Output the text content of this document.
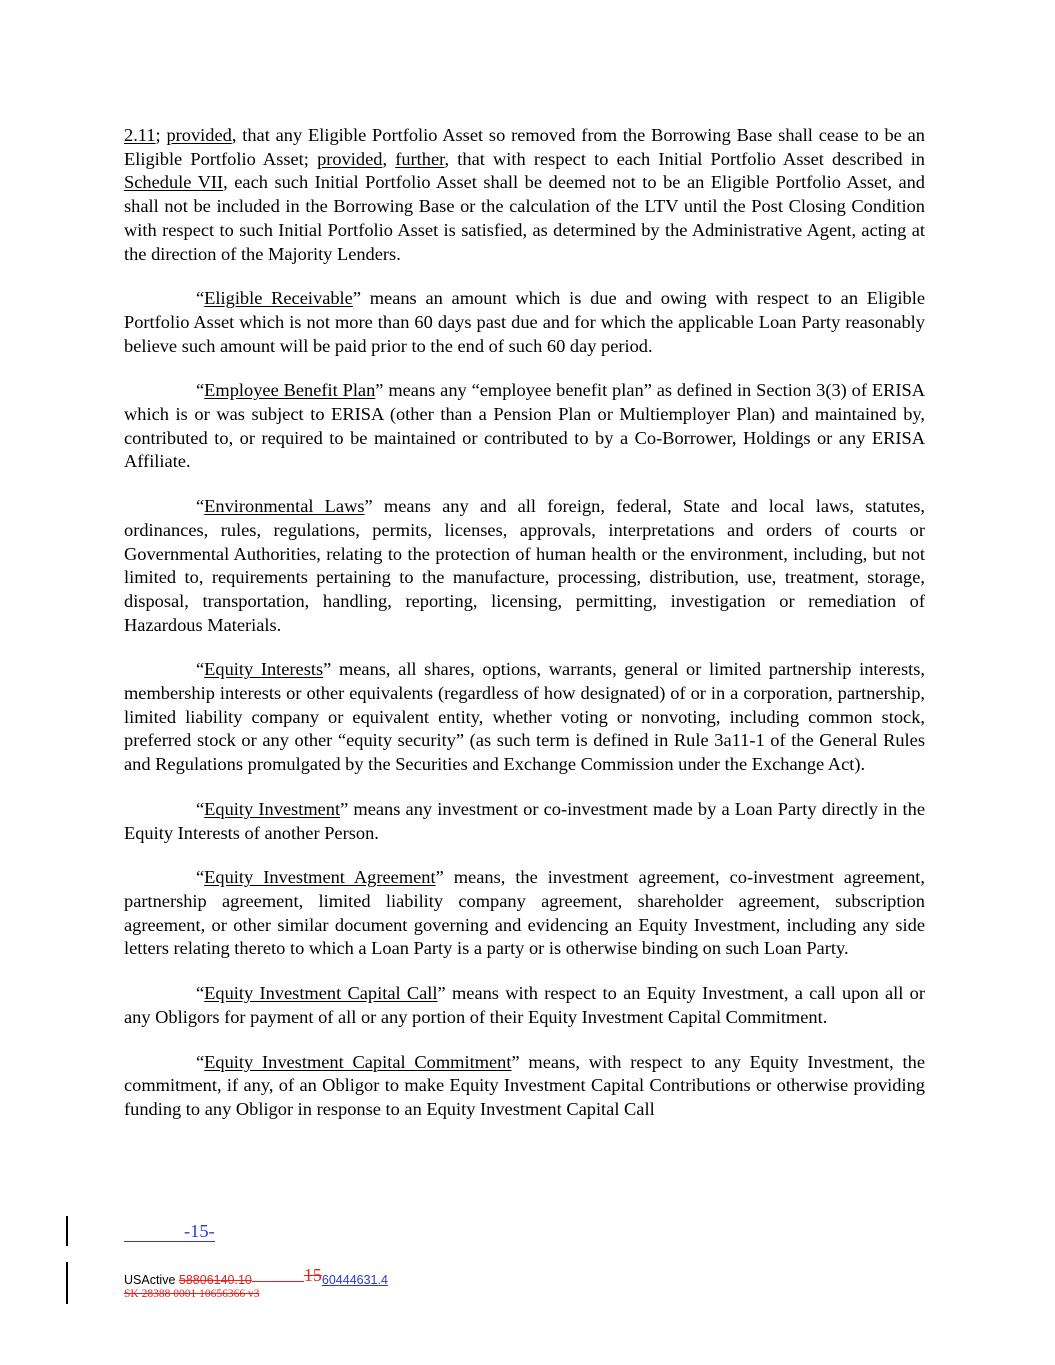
2.11; provided, that any Eligible Portfolio Asset so removed from the Borrowing Base shall cease to be an Eligible Portfolio Asset; provided, further, that with respect to each Initial Portfolio Asset described in Schedule VII, each such Initial Portfolio Asset shall be deemed not to be an Eligible Portfolio Asset, and shall not be included in the Borrowing Base or the calculation of the LTV until the Post Closing Condition with respect to such Initial Portfolio Asset is satisfied, as determined by the Administrative Agent, acting at the direction of the Majority Lenders.

“Eligible Receivable” means an amount which is due and owing with respect to an Eligible Portfolio Asset which is not more than 60 days past due and for which the applicable Loan Party reasonably believe such amount will be paid prior to the end of such 60 day period.

“Employee Benefit Plan” means any “employee benefit plan” as defined in Section 3(3) of ERISA which is or was subject to ERISA (other than a Pension Plan or Multiemployer Plan) and maintained by, contributed to, or required to be maintained or contributed to by a Co-Borrower, Holdings or any ERISA Affiliate.

“Environmental Laws” means any and all foreign, federal, State and local laws, statutes, ordinances, rules, regulations, permits, licenses, approvals, interpretations and orders of courts or Governmental Authorities, relating to the protection of human health or the environment, including, but not limited to, requirements pertaining to the manufacture, processing, distribution, use, treatment, storage, disposal, transportation, handling, reporting, licensing, permitting, investigation or remediation of Hazardous Materials.

“Equity Interests” means, all shares, options, warrants, general or limited partnership interests, membership interests or other equivalents (regardless of how designated) of or in a corporation, partnership, limited liability company or equivalent entity, whether voting or nonvoting, including common stock, preferred stock or any other “equity security” (as such term is defined in Rule 3a11-1 of the General Rules and Regulations promulgated by the Securities and Exchange Commission under the Exchange Act).

“Equity Investment” means any investment or co-investment made by a Loan Party directly in the Equity Interests of another Person.

“Equity Investment Agreement” means, the investment agreement, co-investment agreement, partnership agreement, limited liability company agreement, shareholder agreement, subscription agreement, or other similar document governing and evidencing an Equity Investment, including any side letters relating thereto to which a Loan Party is a party or is otherwise binding on such Loan Party.

“Equity Investment Capital Call” means with respect to an Equity Investment, a call upon all or any Obligors for payment of all or any portion of their Equity Investment Capital Commitment.

“Equity Investment Capital Commitment” means, with respect to any Equity Investment, the commitment, if any, of an Obligor to make Equity Investment Capital Contributions or otherwise providing funding to any Obligor in response to an Equity Investment Capital Call

-15-
USActive 58806140.10	1560444631.4
SK 28388 0001 10656366 v3
